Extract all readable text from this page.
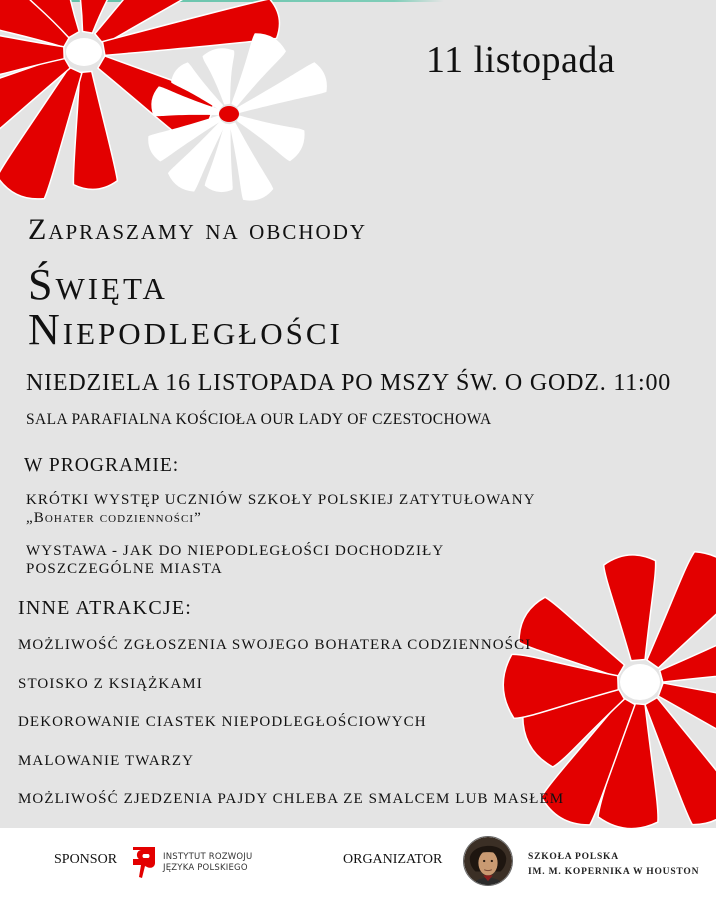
11 listopada
Zapraszamy na obchody
Święta
Niepodległości
NIEDZIELA 16 LISTOPADA PO MSZY ŚW. O GODZ. 11:00
SALA PARAFIALNA KOŚCIOŁA OUR LADY OF CZESTOCHOWA
W PROGRAMIE:
KRÓTKI WYSTĘP UCZNIÓW SZKOŁY POLSKIEJ ZATYTUŁOWANY
„Bohater codzienności”
WYSTAWA - JAK DO NIEPODLEGŁOŚCI DOCHODZIŁY
POSZCZEGÓLNE MIASTA
INNE ATRAKCJE:
MOŻLIWOŚĆ ZGŁOSZENIA SWOJEGO BOHATERA CODZIENNOŚCI
STOISKO Z KSIĄŻKAMI
DEKOROWANIE CIASTEK NIEPODLEGŁOŚCIOWYCH
MALOWANIE TWARZY
MOŻLIWOŚĆ ZJEDZENIA PAJDY CHLEBA ZE SMALCEM LUB MASŁEM
SPONSOR	INSTYTUT ROZWOJU
JĘZYKA POLSKIEGO
ORGANIZATOR	SZKOŁA POLSKA
IM. M. KOPERNIKA W HOUSTON
